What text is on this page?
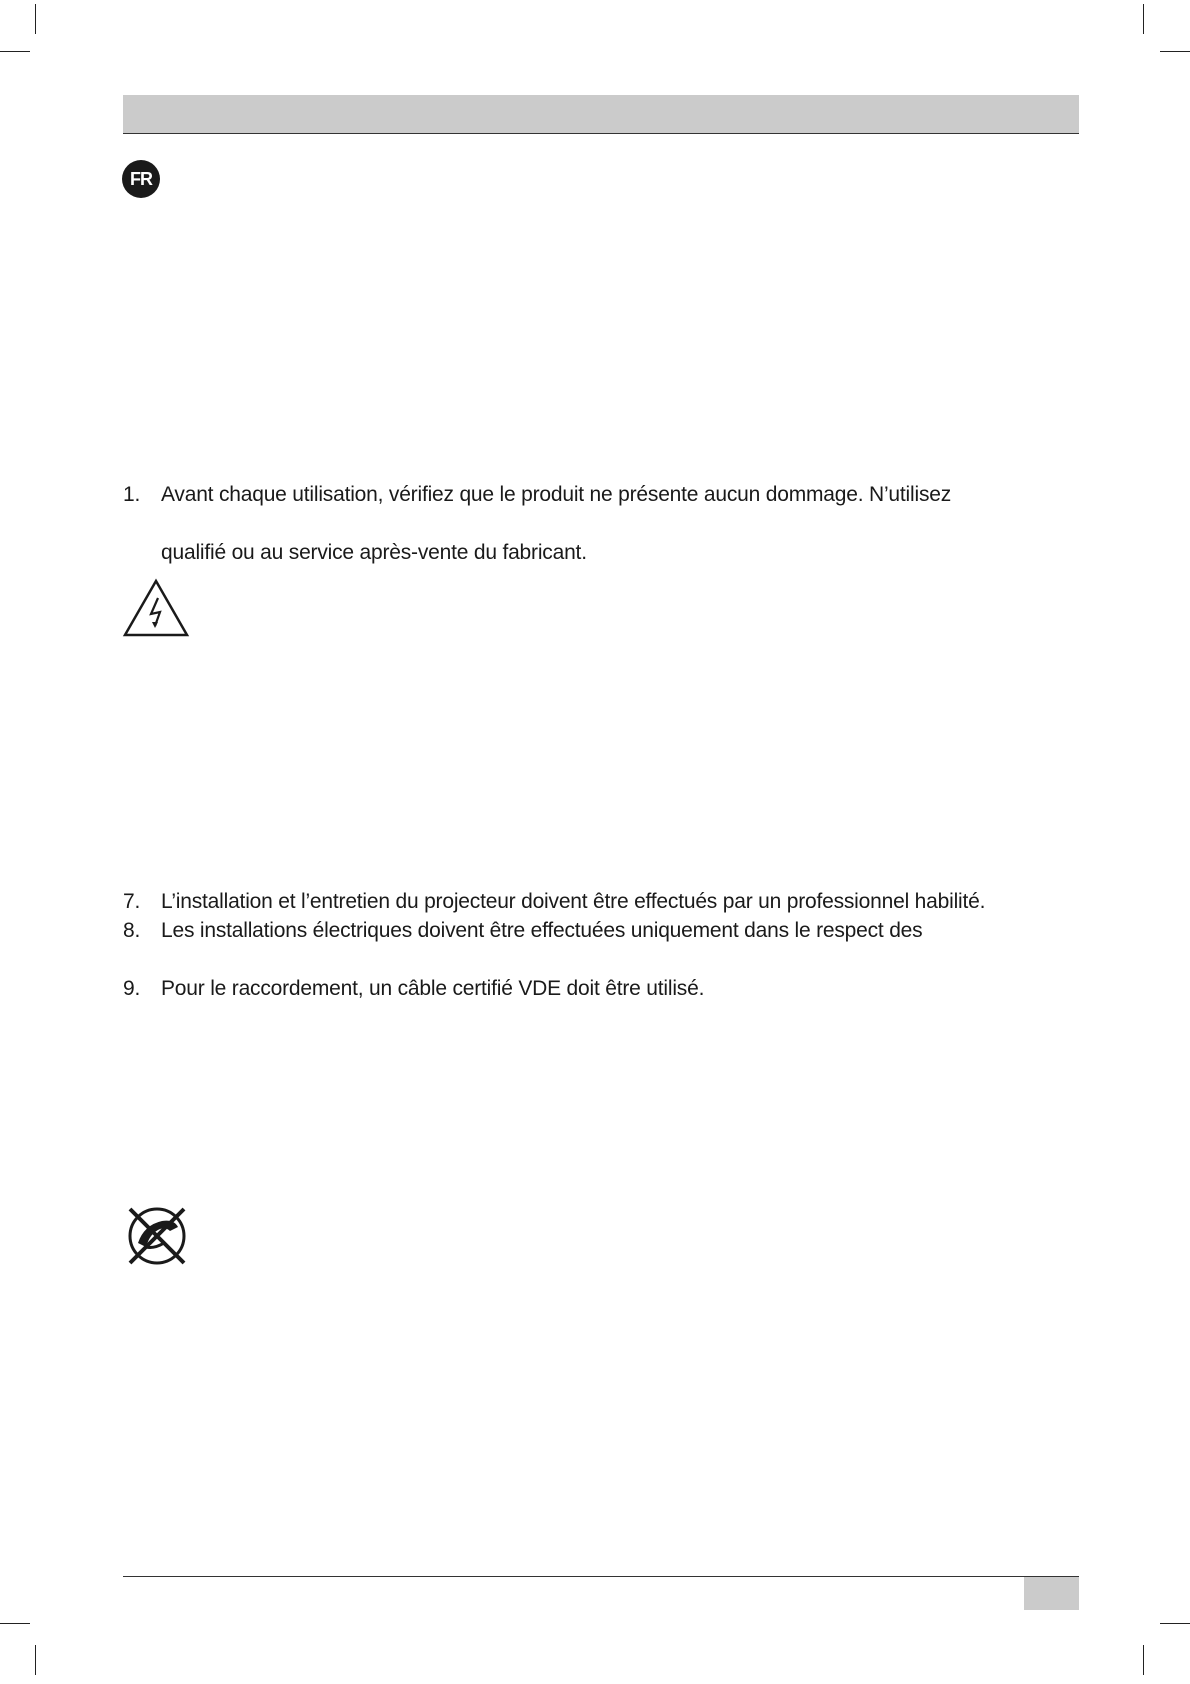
FR
1. Avant chaque utilisation, vérifiez que le produit ne présente aucun dommage. N’utilisez
qualifié ou au service après-vente du fabricant.
7. L’installation et l’entretien du projecteur doivent être effectués par un professionnel habilité.
8. Les installations électriques doivent être effectuées uniquement dans le respect des
9. Pour le raccordement, un câble certifié VDE doit être utilisé.
